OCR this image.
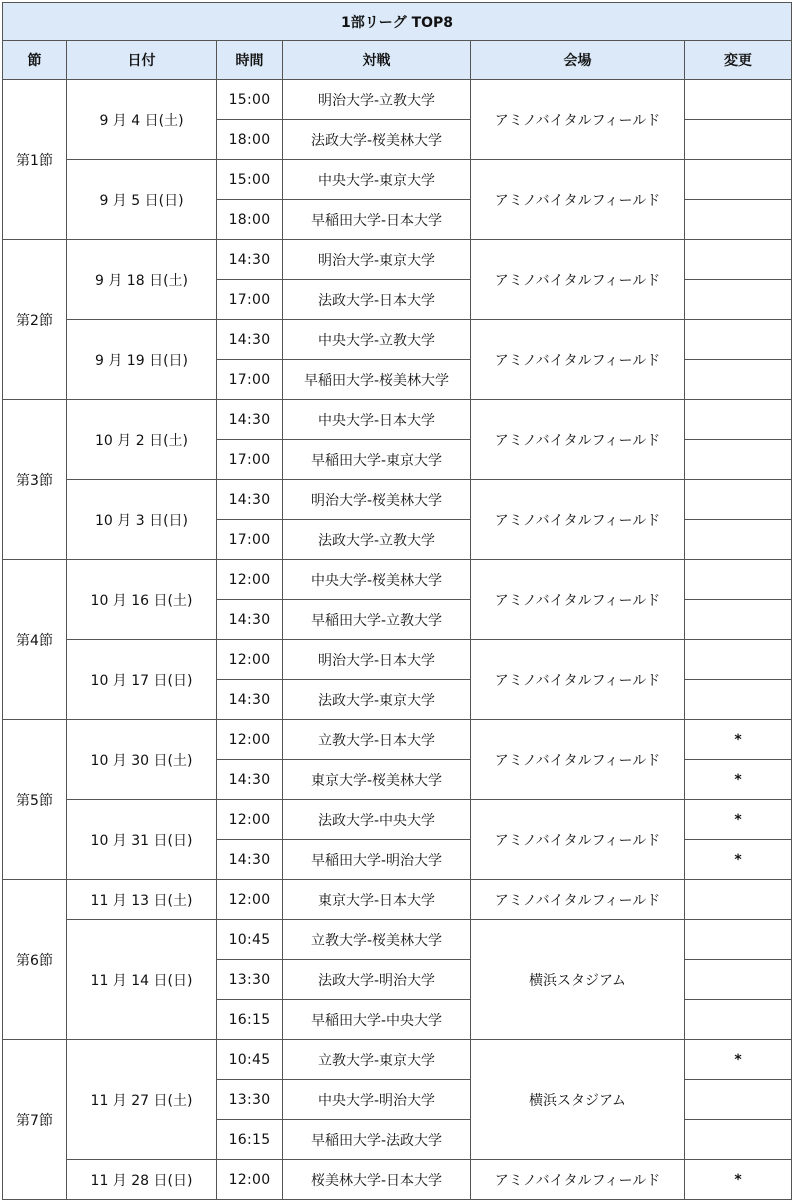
1部リーグ TOP8					
節	日付	時間	対戦	会場	変更
第1節	9 月 4 日(土)	15:00	明治大学-立教大学	アミノバイタルフィールド	
		18:00	法政大学-桜美林大学		
	9 月 5 日(日)	15:00	中央大学-東京大学	アミノバイタルフィールド	
		18:00	早稲田大学-日本大学		
第2節	9 月 18 日(土)	14:30	明治大学-東京大学	アミノバイタルフィールド	
		17:00	法政大学-日本大学		
	9 月 19 日(日)	14:30	中央大学-立教大学	アミノバイタルフィールド	
		17:00	早稲田大学-桜美林大学		
第3節	10 月 2 日(土)	14:30	中央大学-日本大学	アミノバイタルフィールド	
		17:00	早稲田大学-東京大学		
	10 月 3 日(日)	14:30	明治大学-桜美林大学	アミノバイタルフィールド	
		17:00	法政大学-立教大学		
第4節	10 月 16 日(土)	12:00	中央大学-桜美林大学	アミノバイタルフィールド	
		14:30	早稲田大学-立教大学		
	10 月 17 日(日)	12:00	明治大学-日本大学	アミノバイタルフィールド	
		14:30	法政大学-東京大学		
第5節	10 月 30 日(土)	12:00	立教大学-日本大学	アミノバイタルフィールド	*
		14:30	東京大学-桜美林大学		*
	10 月 31 日(日)	12:00	法政大学-中央大学	アミノバイタルフィールド	*
		14:30	早稲田大学-明治大学		*
第6節	11 月 13 日(土)	12:00	東京大学-日本大学	アミノバイタルフィールド	
	11 月 14 日(日)	10:45	立教大学-桜美林大学	横浜スタジアム	
		13:30	法政大学-明治大学		
		16:15	早稲田大学-中央大学		
第7節	11 月 27 日(土)	10:45	立教大学-東京大学	横浜スタジアム	*
		13:30	中央大学-明治大学		
		16:15	早稲田大学-法政大学		
	11 月 28 日(日)	12:00	桜美林大学-日本大学	アミノバイタルフィールド	*
